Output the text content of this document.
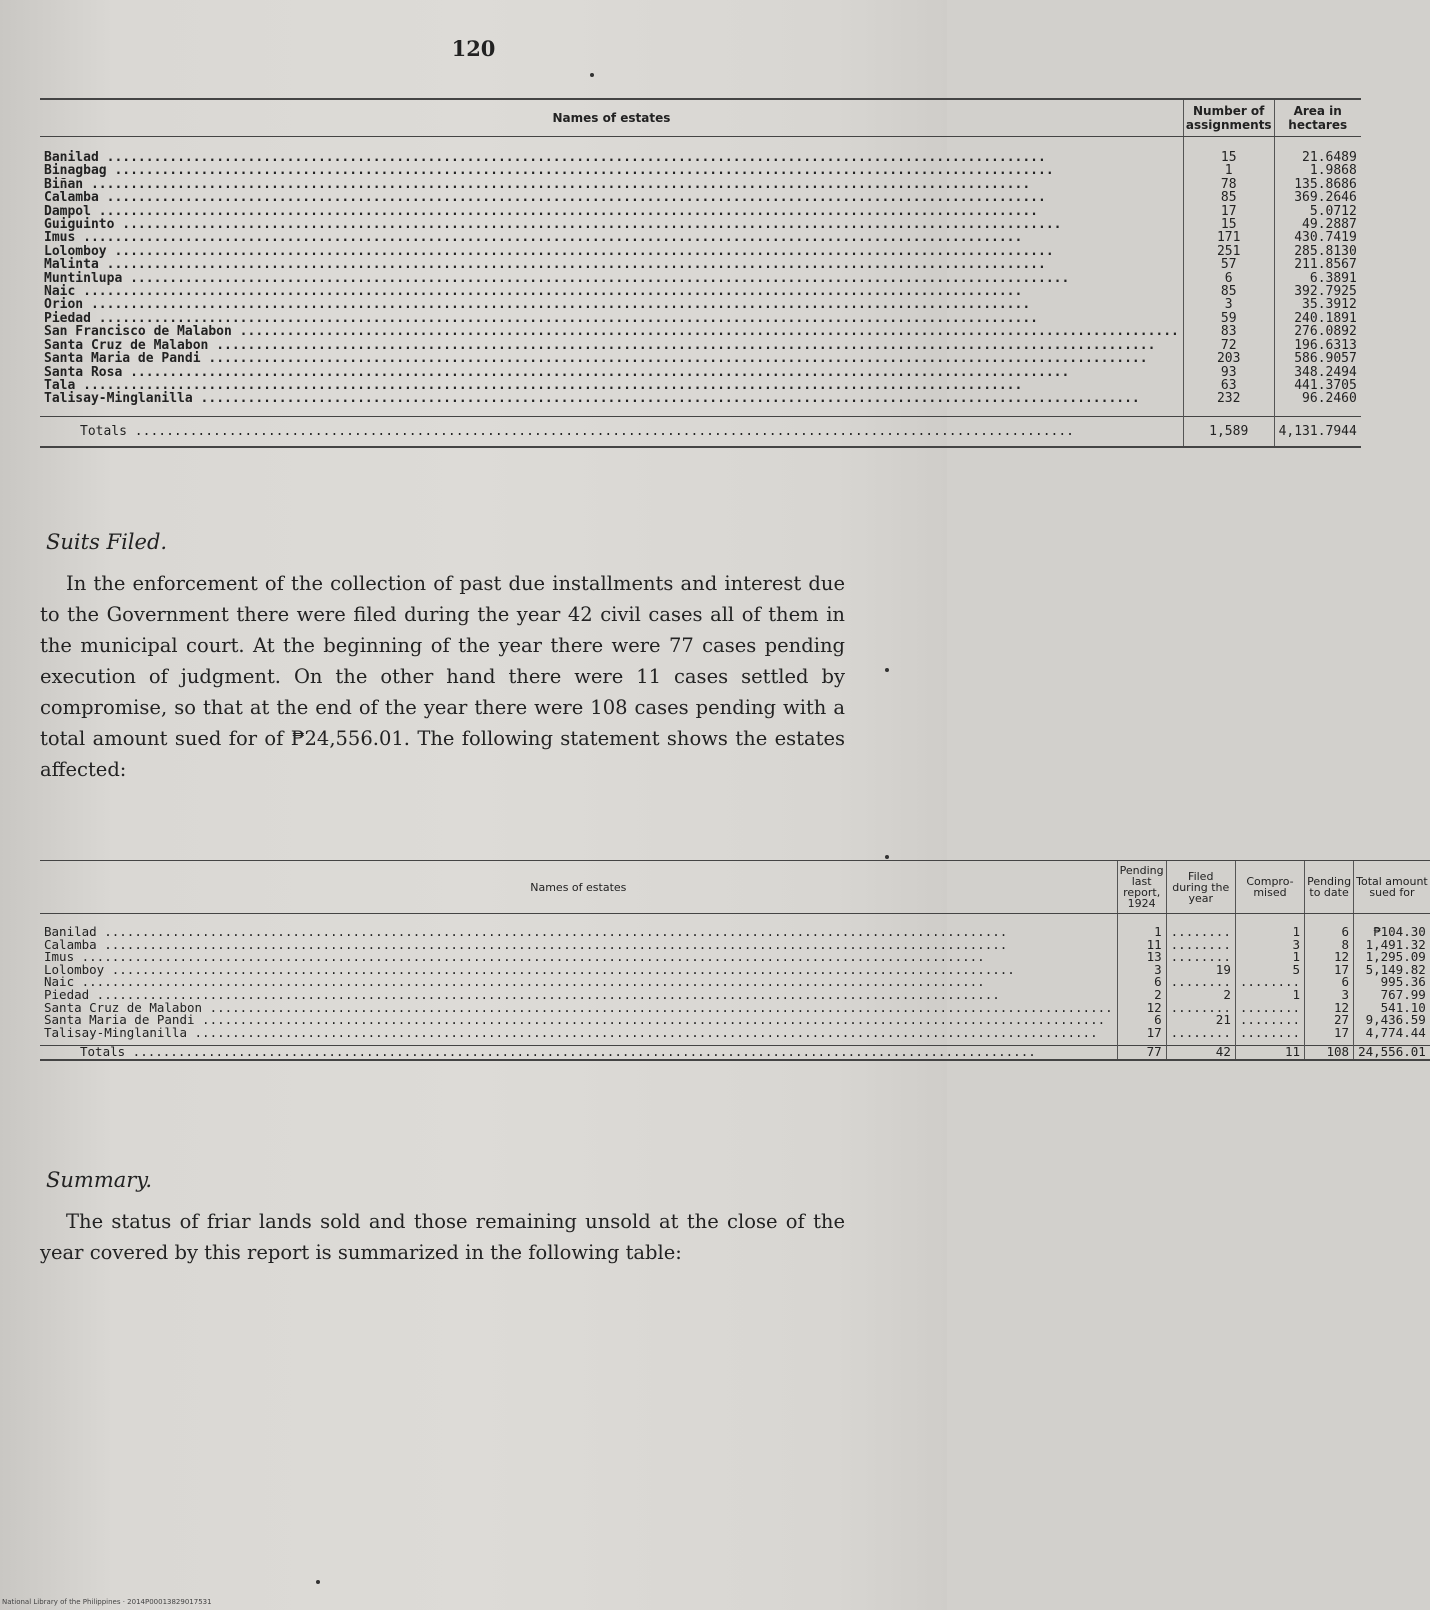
120
Names of estates	Number of assignments	Area in hectares
Banilad ........................................................................................................................	15	21.6489
Binagbag ........................................................................................................................	1	1.9868
Biñan ........................................................................................................................	78	135.8686
Calamba ........................................................................................................................	85	369.2646
Dampol ........................................................................................................................	17	5.0712
Guiguinto ........................................................................................................................	15	49.2887
Imus ........................................................................................................................	171	430.7419
Lolomboy ........................................................................................................................	251	285.8130
Malinta ........................................................................................................................	57	211.8567
Muntinlupa ........................................................................................................................	6	6.3891
Naic ........................................................................................................................	85	392.7925
Orion ........................................................................................................................	3	35.3912
Piedad ........................................................................................................................	59	240.1891
San Francisco de Malabon ........................................................................................................................	83	276.0892
Santa Cruz de Malabon ........................................................................................................................	72	196.6313
Santa Maria de Pandi ........................................................................................................................	203	586.9057
Santa Rosa ........................................................................................................................	93	348.2494
Tala ........................................................................................................................	63	441.3705
Talisay-Minglanilla ........................................................................................................................	232	96.2460
Totals ........................................................................................................................	1,589	4,131.7944
Suits Filed.
In the enforcement of the collection of past due installments and interest due to the Government there were filed during the year 42 civil cases all of them in the municipal court. At the beginning of the year there were 77 cases pending execution of judgment. On the other hand there were 11 cases settled by compromise, so that at the end of the year there were 108 cases pending with a total amount sued for of ₱24,556.01. The following statement shows the estates affected:
Names of estates	Pending last report, 1924	Filed during the year	Compro-mised	Pending to date	Total amount sued for
Banilad ........................................................................................................................	1	........	1	6	₱104.30
Calamba ........................................................................................................................	11	........	3	8	1,491.32
Imus ........................................................................................................................	13	........	1	12	1,295.09
Lolomboy ........................................................................................................................	3	19	5	17	5,149.82
Naic ........................................................................................................................	6	........	........	6	995.36
Piedad ........................................................................................................................	2	2	1	3	767.99
Santa Cruz de Malabon ........................................................................................................................	12	........	........	12	541.10
Santa Maria de Pandi ........................................................................................................................	6	21	........	27	9,436.59
Talisay-Minglanilla ........................................................................................................................	17	........	........	17	4,774.44
Totals ........................................................................................................................	77	42	11	108	24,556.01
Summary.
The status of friar lands sold and those remaining unsold at the close of the year covered by this report is summarized in the following table:
National Library of the Philippines · 2014P00013829017531
